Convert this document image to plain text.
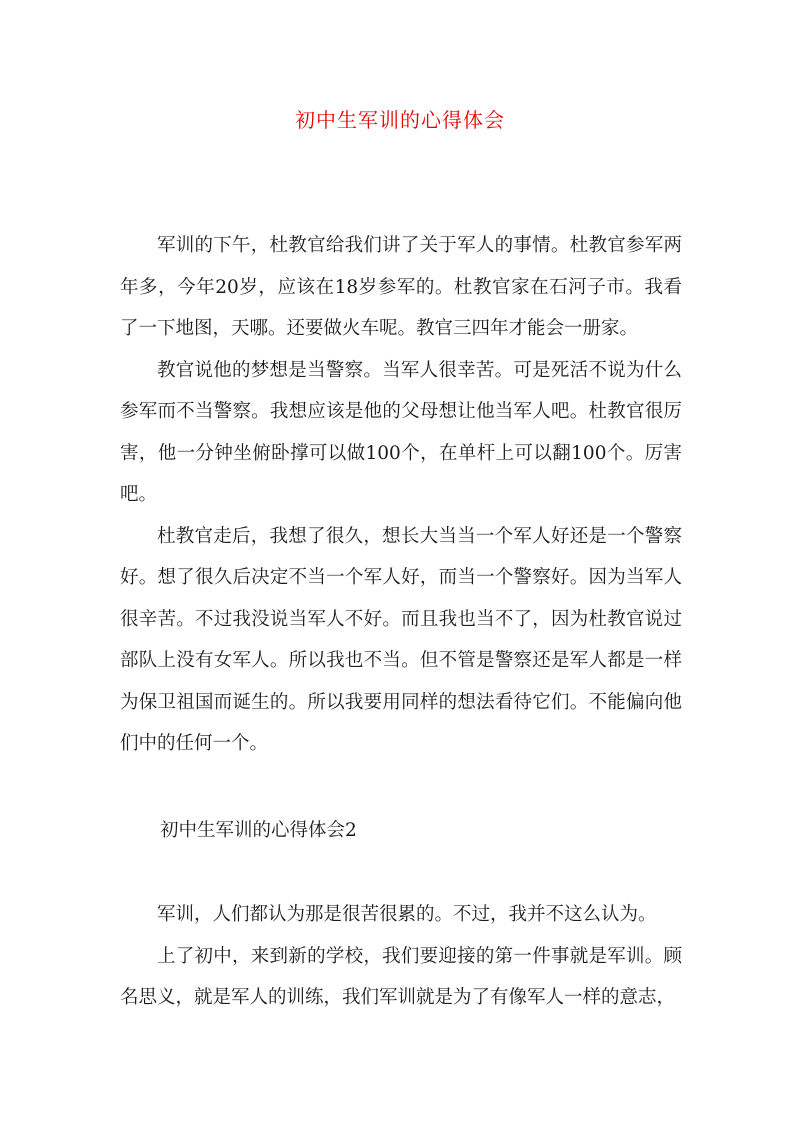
初中生军训的心得体会

军训的下午，杜教官给我们讲了关于军人的事情。杜教官参军两年多，今年20岁，应该在18岁参军的。杜教官家在石河子市。我看了一下地图，天哪。还要做火车呢。教官三四年才能会一册家。

教官说他的梦想是当警察。当军人很幸苦。可是死活不说为什么参军而不当警察。我想应该是他的父母想让他当军人吧。杜教官很厉害，他一分钟坐俯卧撑可以做100个，在单杆上可以翻100个。厉害吧。

杜教官走后，我想了很久，想长大当当一个军人好还是一个警察好。想了很久后决定不当一个军人好，而当一个警察好。因为当军人很辛苦。不过我没说当军人不好。而且我也当不了，因为杜教官说过部队上没有女军人。所以我也不当。但不管是警察还是军人都是一样为保卫祖国而诞生的。所以我要用同样的想法看待它们。不能偏向他们中的任何一个。

初中生军训的心得体会2

军训，人们都认为那是很苦很累的。不过，我并不这么认为。

上了初中，来到新的学校，我们要迎接的第一件事就是军训。顾名思义，就是军人的训练，我们军训就是为了有像军人一样的意志，
